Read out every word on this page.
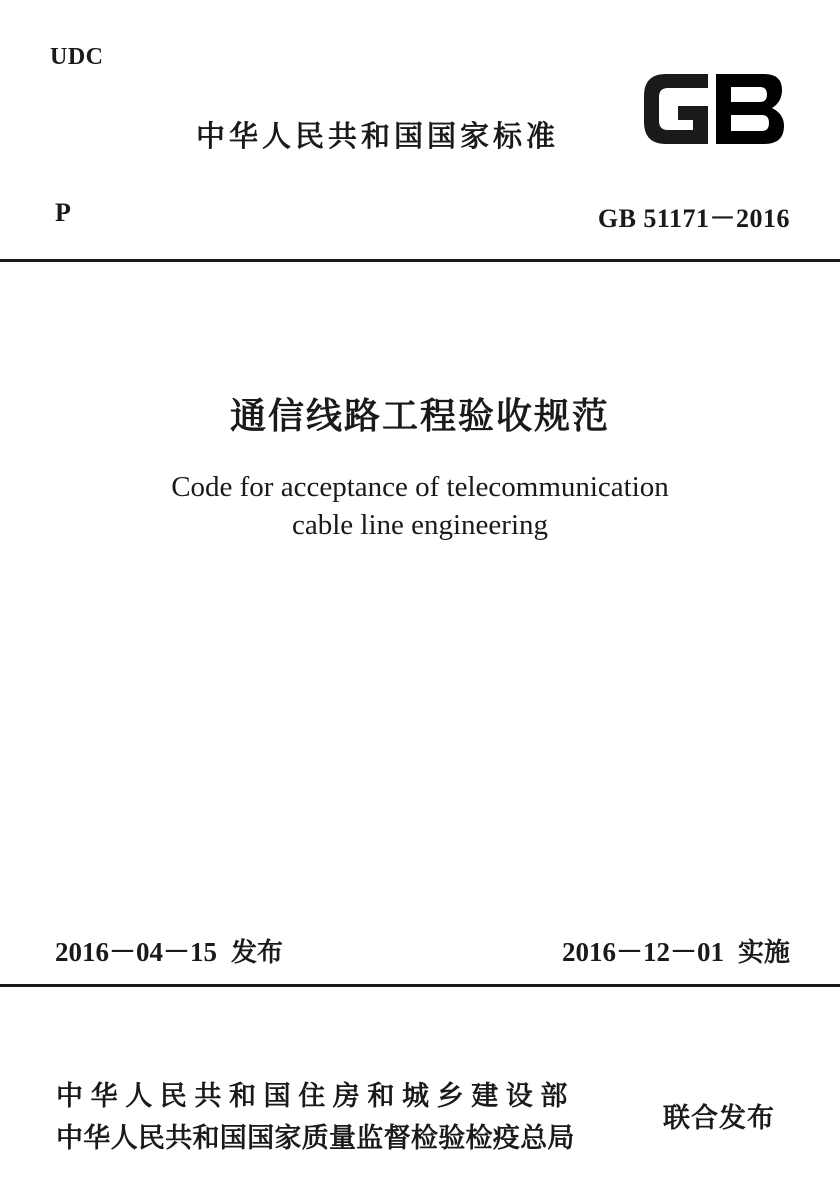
UDC
中华人民共和国国家标准
P	GB 51171－2016
通信线路工程验收规范
Code for acceptance of telecommunication
cable line engineering
2016－04－15 发布	2016－12－01 实施
中华人民共和国住房和城乡建设部
中华人民共和国国家质量监督检验检疫总局
联合发布
